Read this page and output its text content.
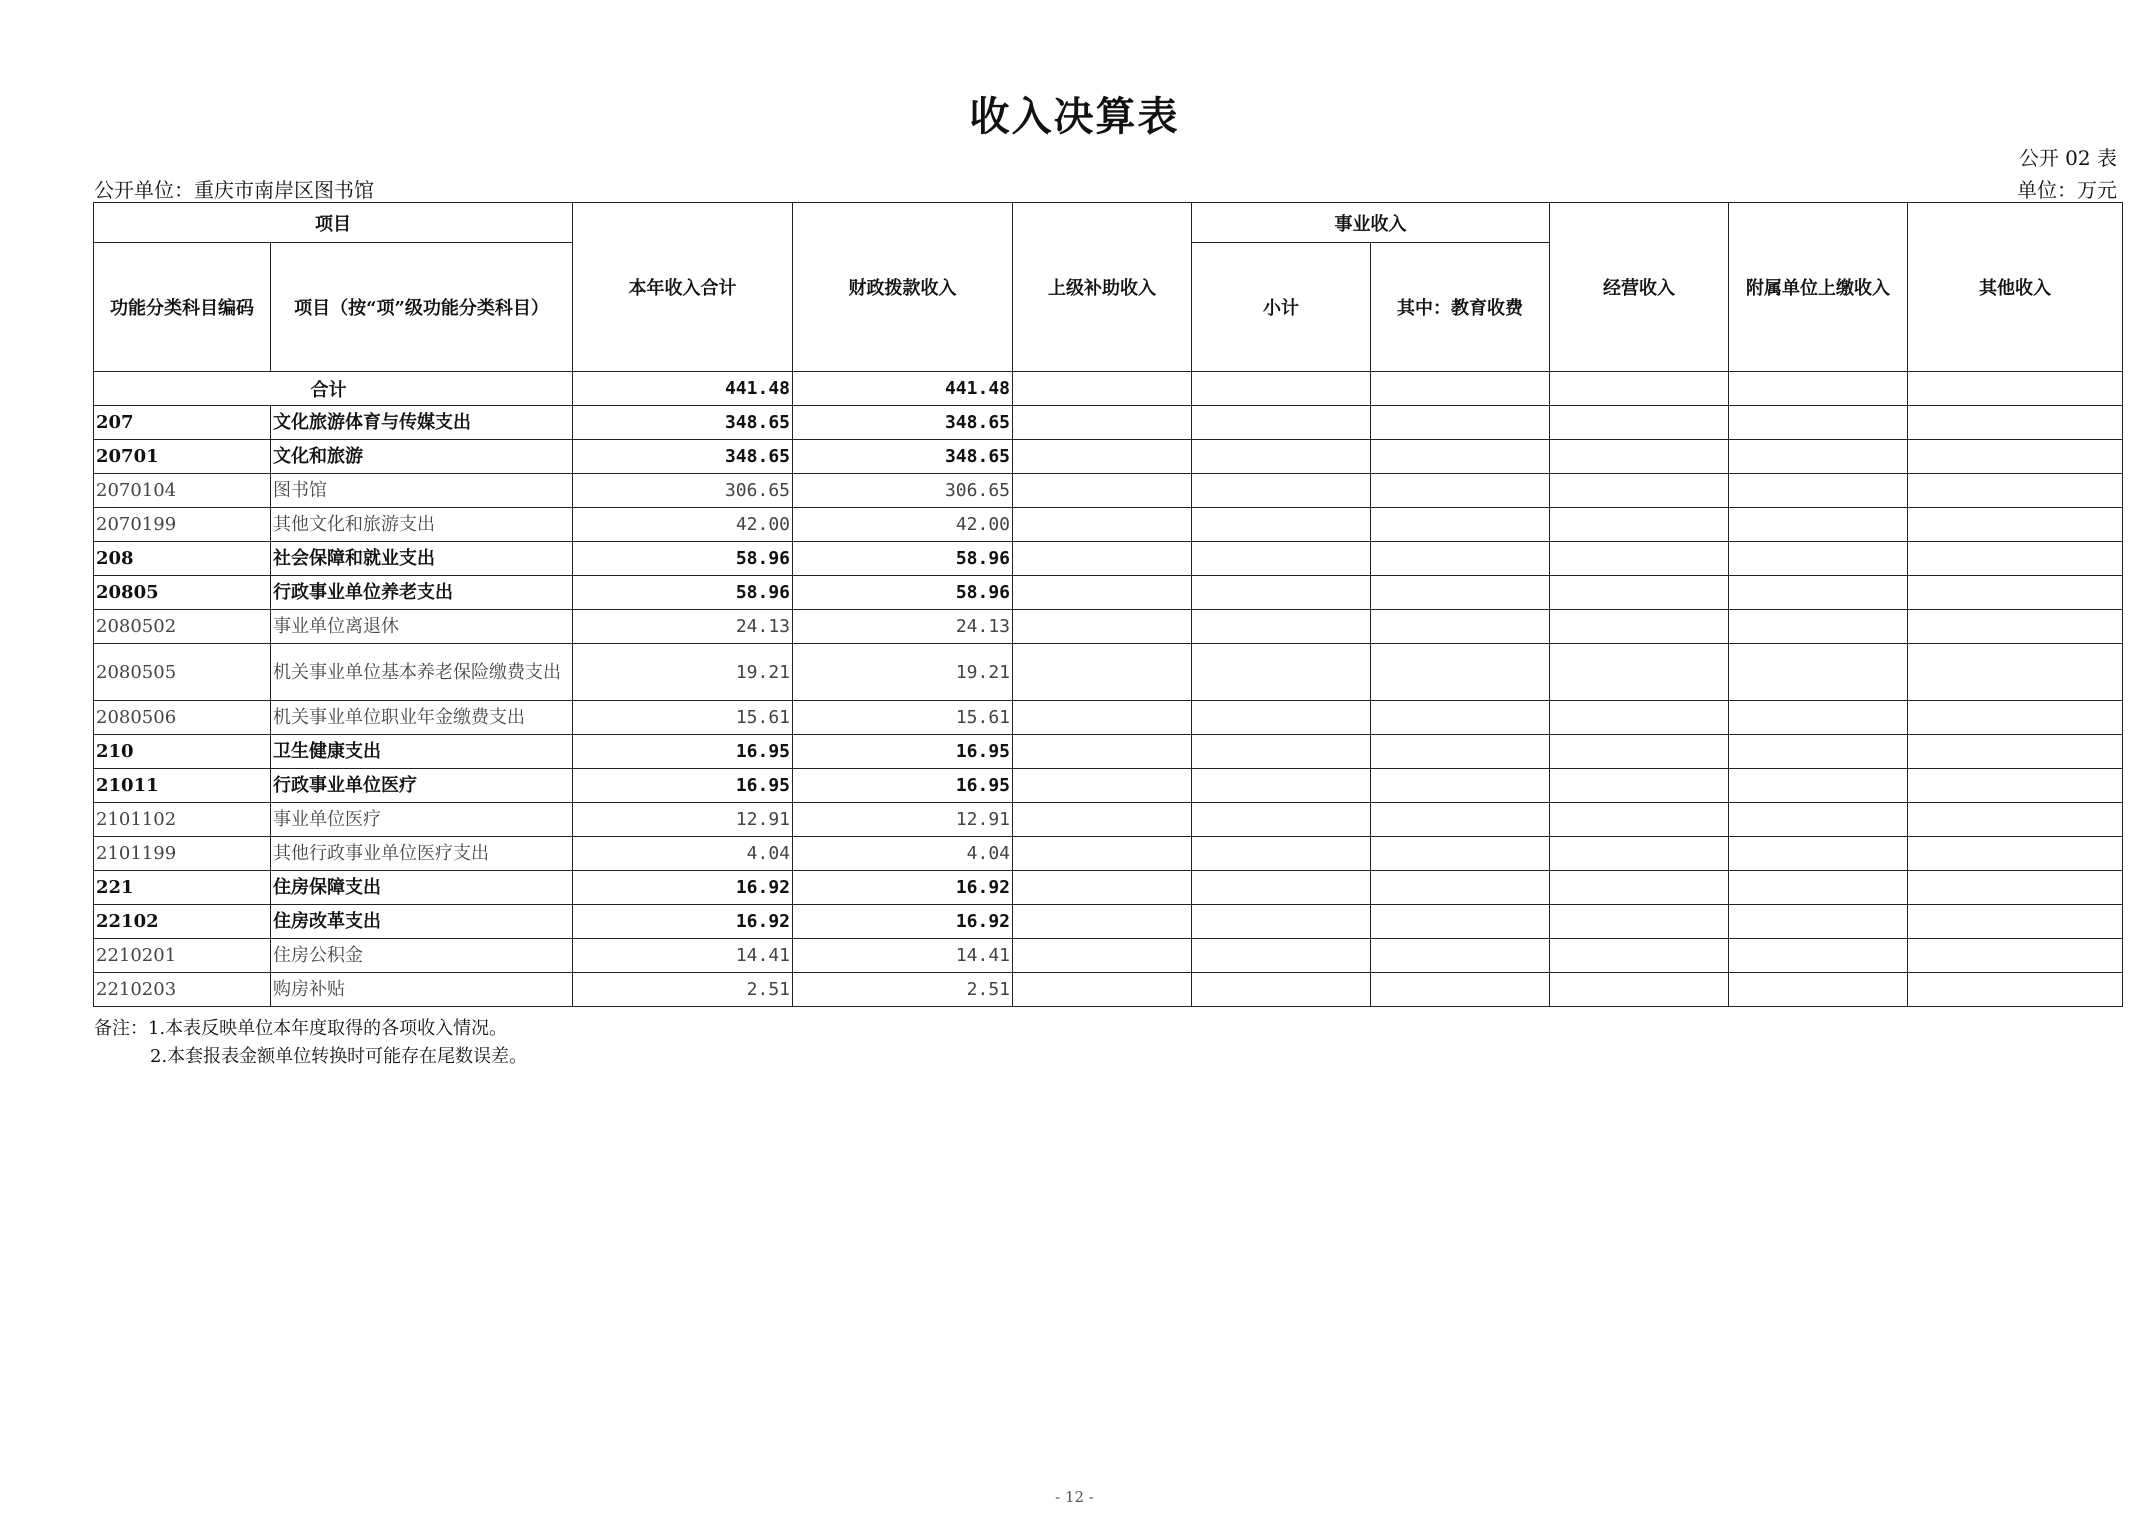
收入决算表
公开 02 表
公开单位：重庆市南岸区图书馆	单位：万元
项目		本年收入合计	财政拨款收入	上级补助收入	事业收入		经营收入	附属单位上缴收入	其他收入
功能分类科目编码	项目（按“项”级功能分类科目）				小计	其中：教育收费			
	合计	441.48	441.48						
207	文化旅游体育与传媒支出	348.65	348.65						
20701	文化和旅游	348.65	348.65						
2070104	图书馆	306.65	306.65						
2070199	其他文化和旅游支出	42.00	42.00						
208	社会保障和就业支出	58.96	58.96						
20805	行政事业单位养老支出	58.96	58.96						
2080502	事业单位离退休	24.13	24.13						
2080505	机关事业单位基本养老保险缴费支出	19.21	19.21						
2080506	机关事业单位职业年金缴费支出	15.61	15.61						
210	卫生健康支出	16.95	16.95						
21011	行政事业单位医疗	16.95	16.95						
2101102	事业单位医疗	12.91	12.91						
2101199	其他行政事业单位医疗支出	4.04	4.04						
221	住房保障支出	16.92	16.92						
22102	住房改革支出	16.92	16.92						
2210201	住房公积金	14.41	14.41						
2210203	购房补贴	2.51	2.51						
备注：1.本表反映单位本年度取得的各项收入情况。
2.本套报表金额单位转换时可能存在尾数误差。
- 12 -
